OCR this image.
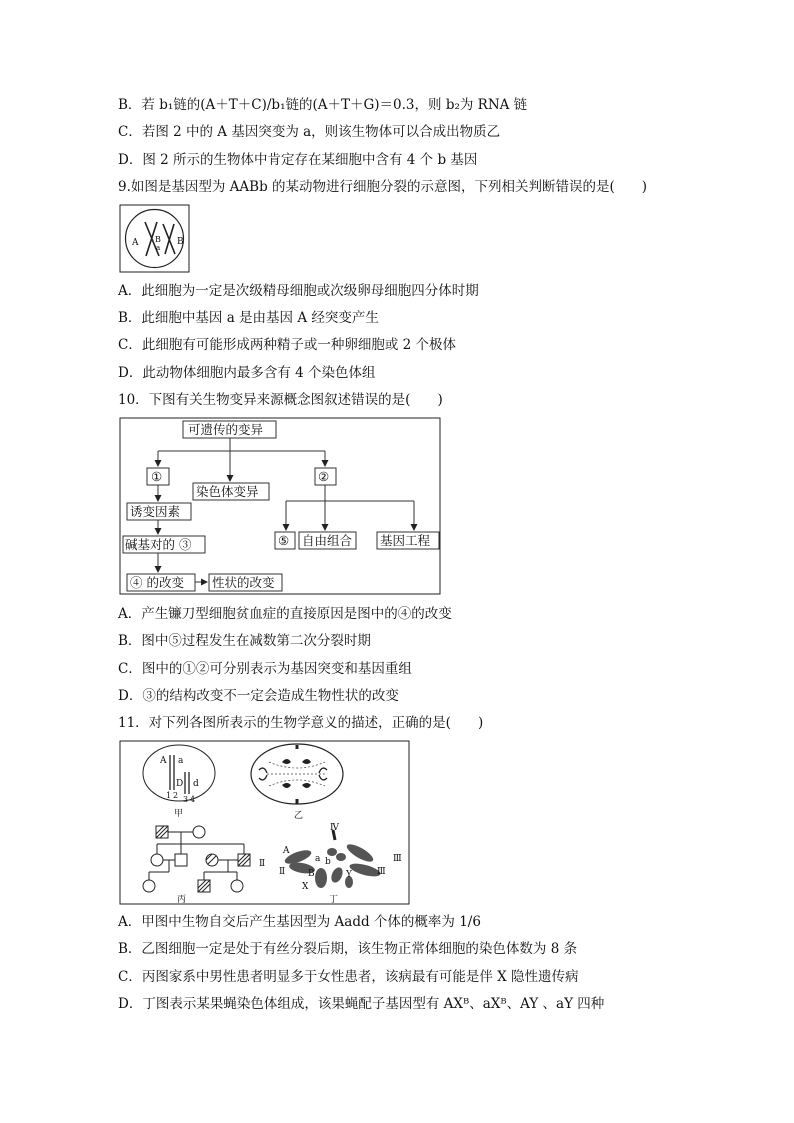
B．若 b₁链的(A＋T＋C)/b₁链的(A＋T＋G)＝0.3，则 b₂为 RNA 链
C．若图 2 中的 A 基因突变为 a，则该生物体可以合成出物质乙
D．图 2 所示的生物体中肯定存在某细胞中含有 4 个 b 基因
9.如图是基因型为 AABb 的某动物进行细胞分裂的示意图，下列相关判断错误的是(　　)
A B
a
B
A．此细胞为一定是次级精母细胞或次级卵母细胞四分体时期
B．此细胞中基因 a 是由基因 A 经突变产生
C．此细胞有可能形成两种精子或一种卵细胞或 2 个极体
D．此动物体细胞内最多含有 4 个染色体组
10．下图有关生物变异来源概念图叙述错误的是(　　)
可遗传的变异
①
染色体变异
诱变因素
碱基对的 ③
④ 的改变 性状的改变
②
⑤ 自由组合 基因工程
A．产生镰刀型细胞贫血症的直接原因是图中的④的改变
B．图中⑤过程发生在减数第二次分裂时期
C．图中的①②可分别表示为基因突变和基因重组
D．③的结构改变不一定会造成生物性状的改变
11．对下列各图所表示的生物学意义的描述，正确的是(　　)
A a
1 2
D d
3 4
甲	乙
丙
Ⅳ
A
Ⅱ
Ⅱ
a
B
b
X
Y
Ⅲ
Ⅲ
丁
A．甲图中生物自交后产生基因型为 Aadd 个体的概率为 1/6
B．乙图细胞一定是处于有丝分裂后期，该生物正常体细胞的染色体数为 8 条
C．丙图家系中男性患者明显多于女性患者，该病最有可能是伴 X 隐性遗传病
D．丁图表示某果蝇染色体组成，该果蝇配子基因型有 AXᴮ、aXᴮ、AY 、aY 四种
